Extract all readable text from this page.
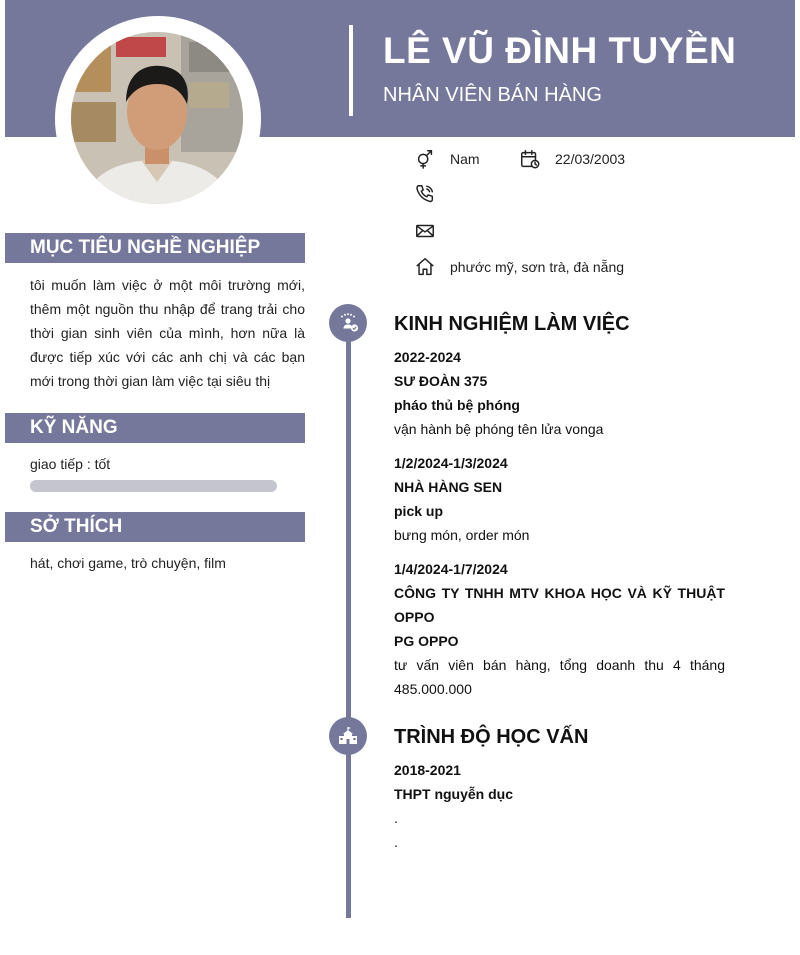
LÊ VŨ ĐÌNH TUYỀN
NHÂN VIÊN BÁN HÀNG
Nam	22/03/2003
phước mỹ, sơn trà, đà nẵng
MỤC TIÊU NGHỀ NGHIỆP
tôi muốn làm việc ở một môi trường mới, thêm một nguồn thu nhập để trang trải cho thời gian sinh viên của mình, hơn nữa là được tiếp xúc với các anh chị và các bạn mới trong thời gian làm việc tại siêu thị
KỸ NĂNG
giao tiếp : tốt
SỞ THÍCH
hát, chơi game, trò chuyện, film
KINH NGHIỆM LÀM VIỆC
2022-2024
SƯ ĐOÀN 375
pháo thủ bệ phóng
vận hành bệ phóng tên lửa vonga
1/2/2024-1/3/2024
NHÀ HÀNG SEN
pick up
bưng món, order món
1/4/2024-1/7/2024
CÔNG TY TNHH MTV KHOA HỌC VÀ KỸ THUẬT OPPO
PG OPPO
tư vấn viên bán hàng, tổng doanh thu 4 tháng 485.000.000
TRÌNH ĐỘ HỌC VẤN
2018-2021
THPT nguyễn dục
.
.
